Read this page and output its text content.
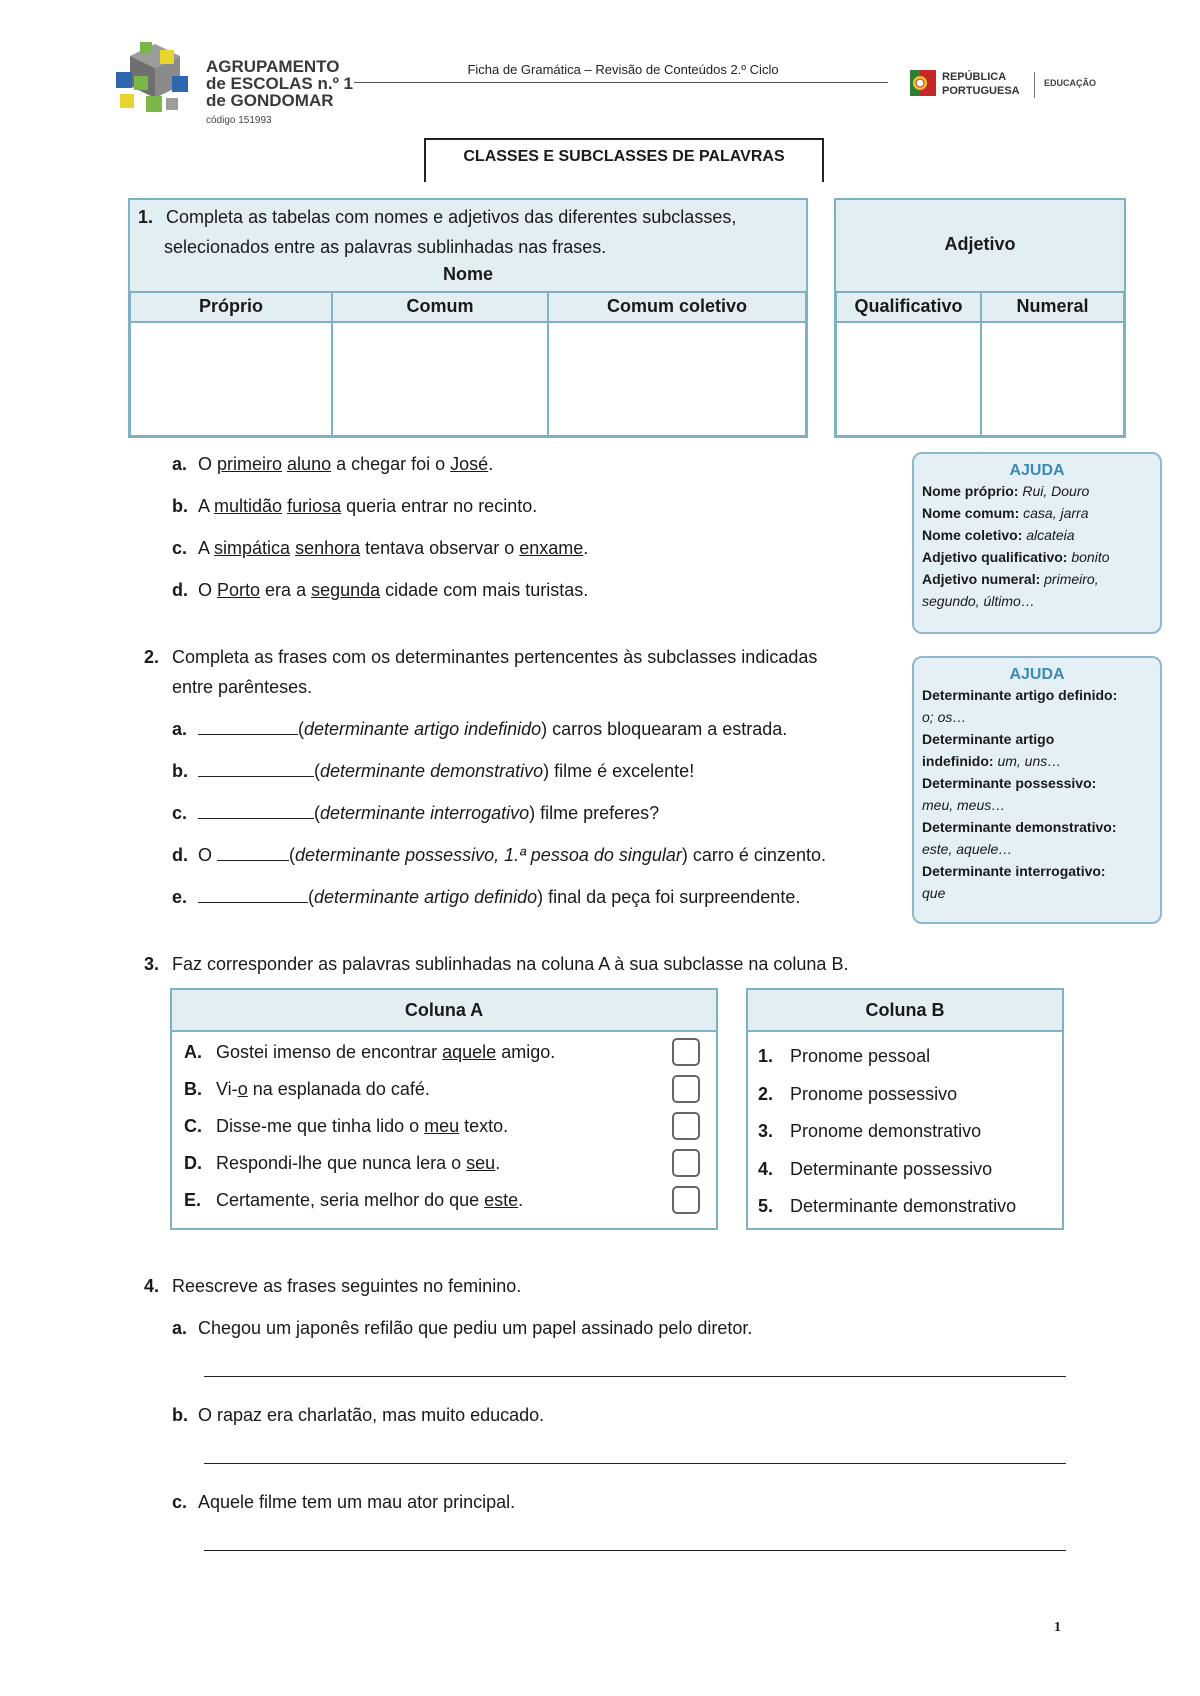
AGRUPAMENTO
de ESCOLAS n.º 1
de GONDOMAR
código 151993
Ficha de Gramática – Revisão de Conteúdos 2.º Ciclo	REPÚBLICA
PORTUGUESA
EDUCAÇÃO
CLASSES E SUBCLASSES DE PALAVRAS
1. Completa as tabelas com nomes e adjetivos das diferentes subclasses,
selecionados entre as palavras sublinhadas nas frases.
Nome
Próprio	Comum	Comum coletivo
Adjetivo
Qualificativo	Numeral
a. O primeiro aluno a chegar foi o José.
b. A multidão furiosa queria entrar no recinto.
c. A simpática senhora tentava observar o enxame.
d. O Porto era a segunda cidade com mais turistas.
AJUDA
Nome próprio: Rui, Douro
Nome comum: casa, jarra
Nome coletivo: alcateia
Adjetivo qualificativo: bonito
Adjetivo numeral: primeiro,
segundo, último…
2. Completa as frases com os determinantes pertencentes às subclasses indicadas
entre parênteses.
a.	(determinante artigo indefinido) carros bloquearam a estrada.
b.	(determinante demonstrativo) filme é excelente!
c.	(determinante interrogativo) filme preferes?
d. O	(determinante possessivo, 1.ª pessoa do singular) carro é cinzento.
e.	(determinante artigo definido) final da peça foi surpreendente.
AJUDA
Determinante artigo definido:
o; os…
Determinante artigo
indefinido: um, uns…
Determinante possessivo:
meu, meus…
Determinante demonstrativo:
este, aquele…
Determinante interrogativo:
que
3. Faz corresponder as palavras sublinhadas na coluna A à sua subclasse na coluna B.
Coluna A
A. Gostei imenso de encontrar aquele amigo.
B. Vi-o na esplanada do café.
C. Disse-me que tinha lido o meu texto.
D. Respondi-lhe que nunca lera o seu.
E. Certamente, seria melhor do que este.
Coluna B
1. Pronome pessoal
2. Pronome possessivo
3. Pronome demonstrativo
4. Determinante possessivo
5. Determinante demonstrativo
4. Reescreve as frases seguintes no feminino.
a. Chegou um japonês refilão que pediu um papel assinado pelo diretor.
b. O rapaz era charlatão, mas muito educado.
c. Aquele filme tem um mau ator principal.
1
